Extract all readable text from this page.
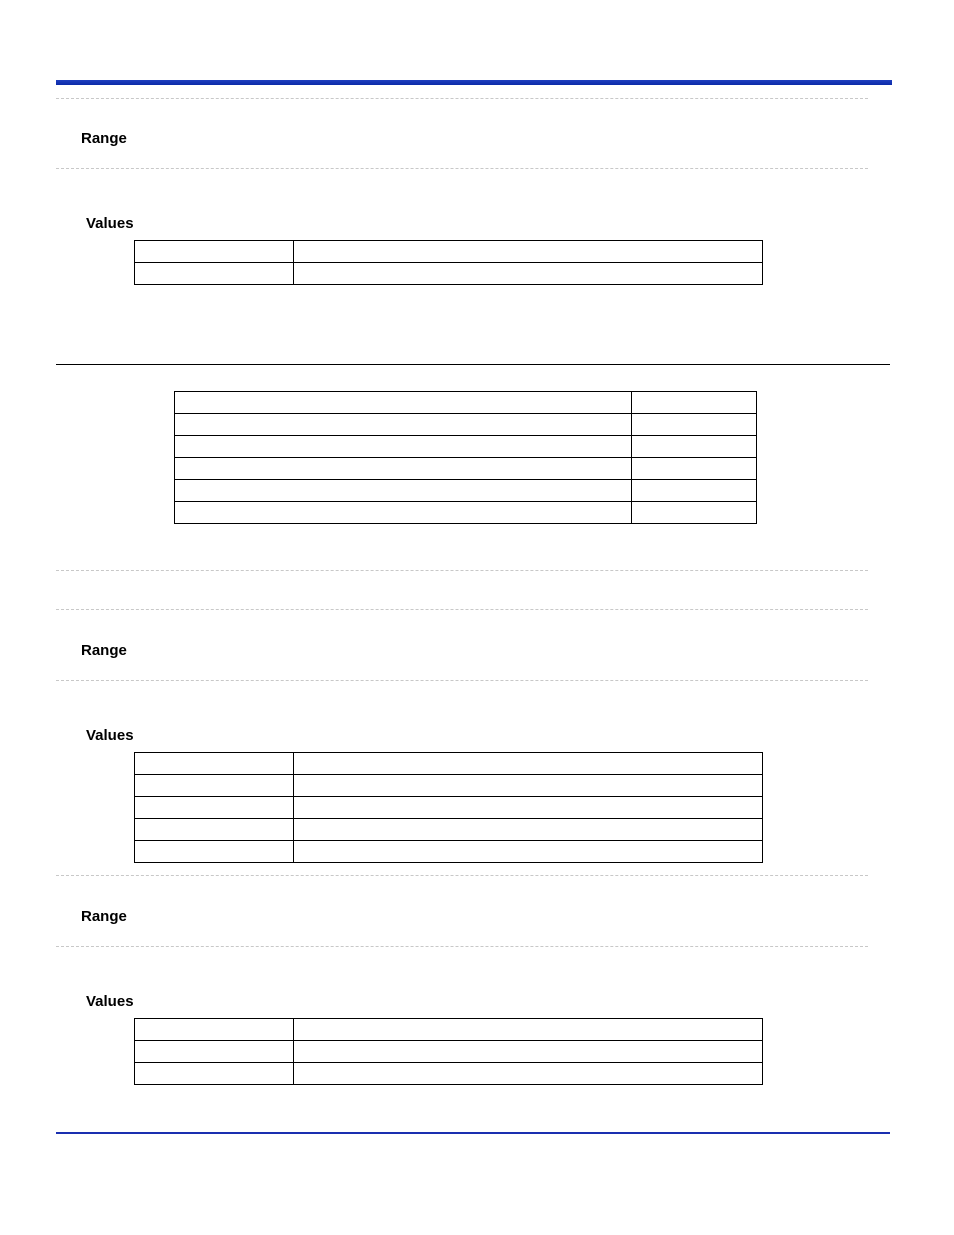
Range
Values

Range
Values

Range
Values
